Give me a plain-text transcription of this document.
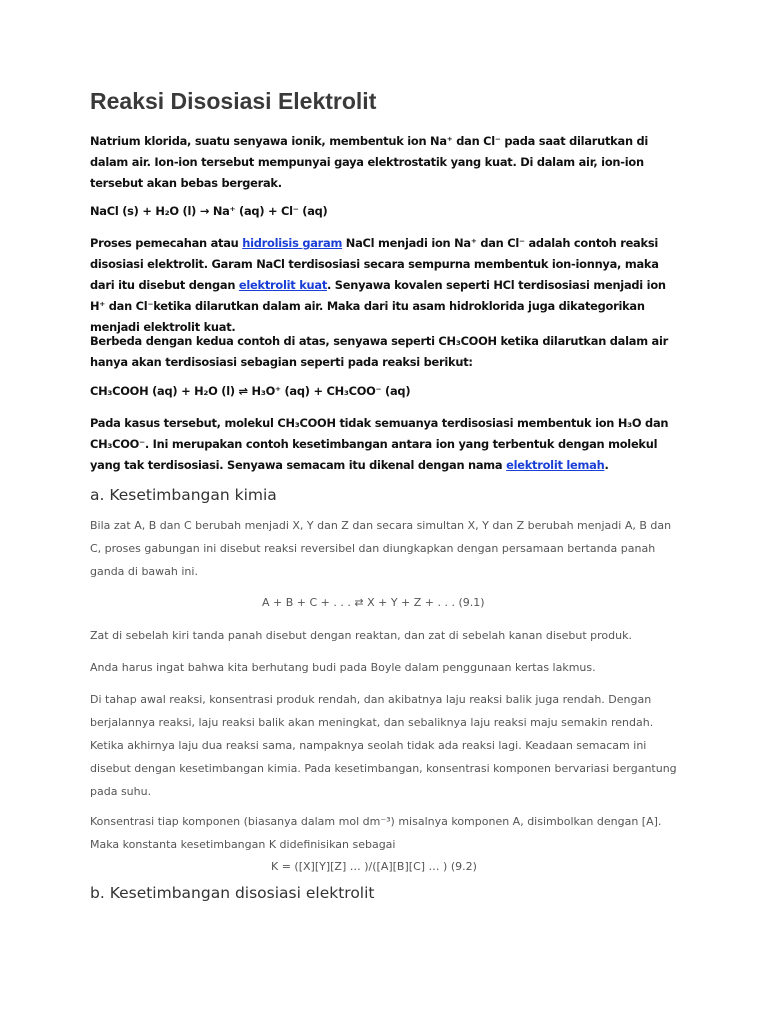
Reaksi Disosiasi Elektrolit

Natrium klorida, suatu senyawa ionik, membentuk ion Na⁺ dan Cl⁻ pada saat dilarutkan di dalam air. Ion-ion tersebut mempunyai gaya elektrostatik yang kuat. Di dalam air, ion-ion tersebut akan bebas bergerak.

NaCl (s) + H₂O (l) → Na⁺ (aq) + Cl⁻ (aq)

Proses pemecahan atau hidrolisis garam NaCl menjadi ion Na⁺ dan Cl⁻ adalah contoh reaksi disosiasi elektrolit. Garam NaCl terdisosiasi secara sempurna membentuk ion-ionnya, maka dari itu disebut dengan elektrolit kuat. Senyawa kovalen seperti HCl terdisosiasi menjadi ion H⁺ dan Cl⁻ketika dilarutkan dalam air. Maka dari itu asam hidroklorida juga dikategorikan menjadi elektrolit kuat.

Berbeda dengan kedua contoh di atas, senyawa seperti CH₃COOH ketika dilarutkan dalam air hanya akan terdisosiasi sebagian seperti pada reaksi berikut:

CH₃COOH (aq) + H₂O (l) ⇌ H₃O⁺ (aq) + CH₃COO⁻ (aq)

Pada kasus tersebut, molekul CH₃COOH tidak semuanya terdisosiasi membentuk ion H₃O dan CH₃COO⁻. Ini merupakan contoh kesetimbangan antara ion yang terbentuk dengan molekul yang tak terdisosiasi. Senyawa semacam itu dikenal dengan nama elektrolit lemah.

a. Kesetimbangan kimia

Bila zat A, B dan C berubah menjadi X, Y dan Z dan secara simultan X, Y dan Z berubah menjadi A, B dan C, proses gabungan ini disebut reaksi reversibel dan diungkapkan dengan persamaan bertanda panah ganda di bawah ini.

A + B + C + . . . ⇄ X + Y + Z + . . . (9.1)

Zat di sebelah kiri tanda panah disebut dengan reaktan, dan zat di sebelah kanan disebut produk.

Anda harus ingat bahwa kita berhutang budi pada Boyle dalam penggunaan kertas lakmus.

Di tahap awal reaksi, konsentrasi produk rendah, dan akibatnya laju reaksi balik juga rendah. Dengan berjalannya reaksi, laju reaksi balik akan meningkat, dan sebaliknya laju reaksi maju semakin rendah. Ketika akhirnya laju dua reaksi sama, nampaknya seolah tidak ada reaksi lagi. Keadaan semacam ini disebut dengan kesetimbangan kimia. Pada kesetimbangan, konsentrasi komponen bervariasi bergantung pada suhu.

Konsentrasi tiap komponen (biasanya dalam mol dm⁻³) misalnya komponen A, disimbolkan dengan [A]. Maka konstanta kesetimbangan K didefinisikan sebagai

K = ([X][Y][Z] … )/([A][B][C] … ) (9.2)
b. Kesetimbangan disosiasi elektrolit
